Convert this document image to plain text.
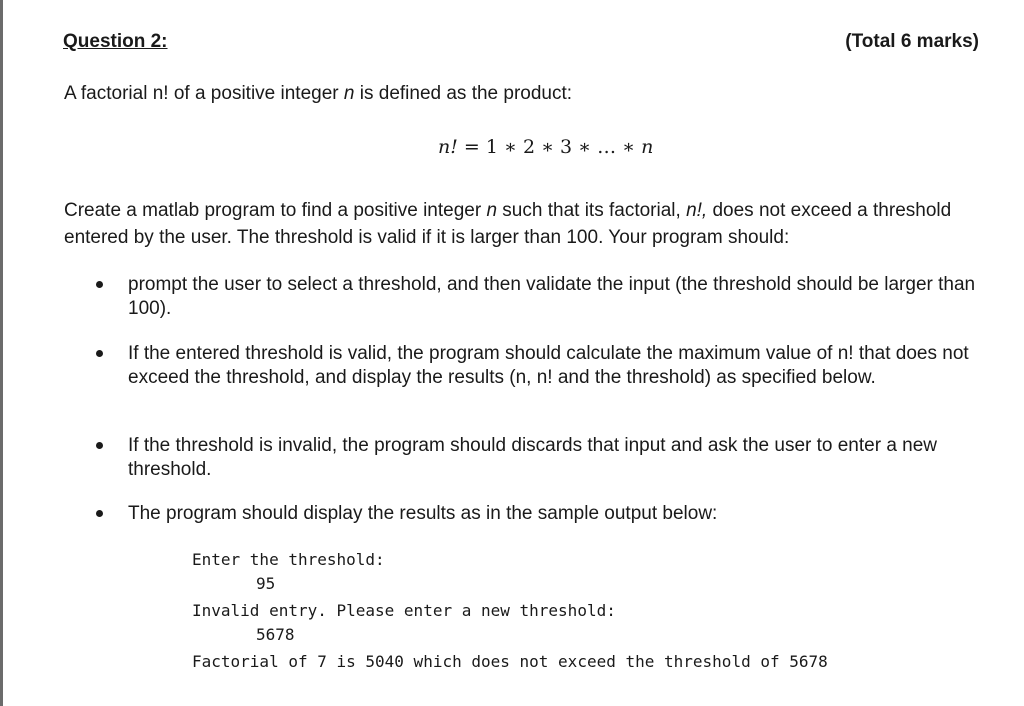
Question 2:	(Total 6 marks)
A factorial n! of a positive integer n is defined as the product:
n! = 1 ∗ 2 ∗ 3 ∗ … ∗ n
Create a matlab program to find a positive integer n such that its factorial, n!, does not exceed a threshold entered by the user. The threshold is valid if it is larger than 100. Your program should:
prompt the user to select a threshold, and then validate the input (the threshold should be larger than 100).
If the entered threshold is valid, the program should calculate the maximum value of n! that does not exceed the threshold, and display the results (n, n! and the threshold) as specified below.
If the threshold is invalid, the program should discards that input and ask the user to enter a new threshold.
The program should display the results as in the sample output below:
Enter the threshold:
95
Invalid entry. Please enter a new threshold:
5678
Factorial of 7 is 5040 which does not exceed the threshold of 5678
